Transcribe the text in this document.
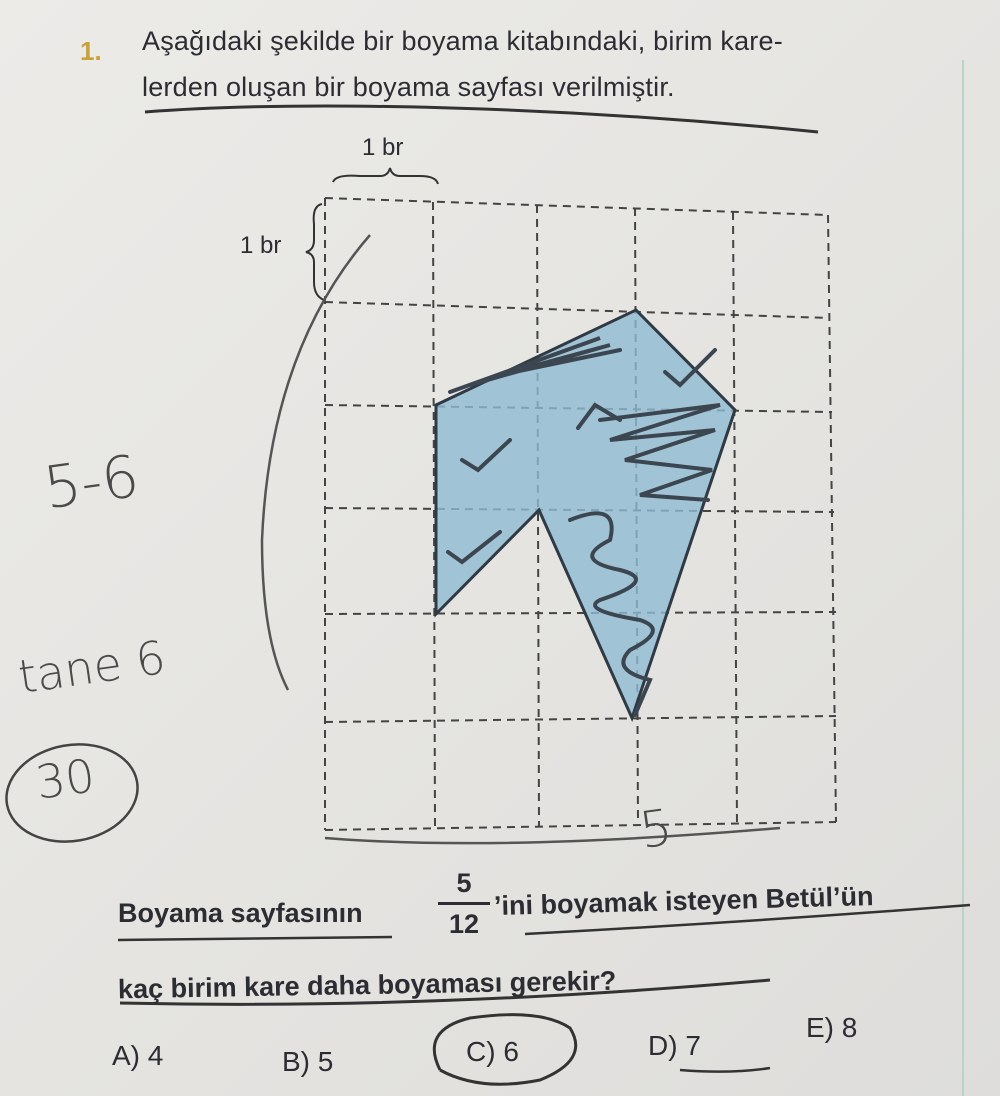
1. Aşağıdaki şekilde bir boyama kitabındaki, birim kare-
lerden oluşan bir boyama sayfası verilmiştir.
1 br
1 br
5-6
tane 6
30
5
Boyama sayfasının
5
12
’ini boyamak isteyen Betül’ün
kaç birim kare daha boyaması gerekir?
A) 4	B) 5	C) 6	D) 7
E) 8
